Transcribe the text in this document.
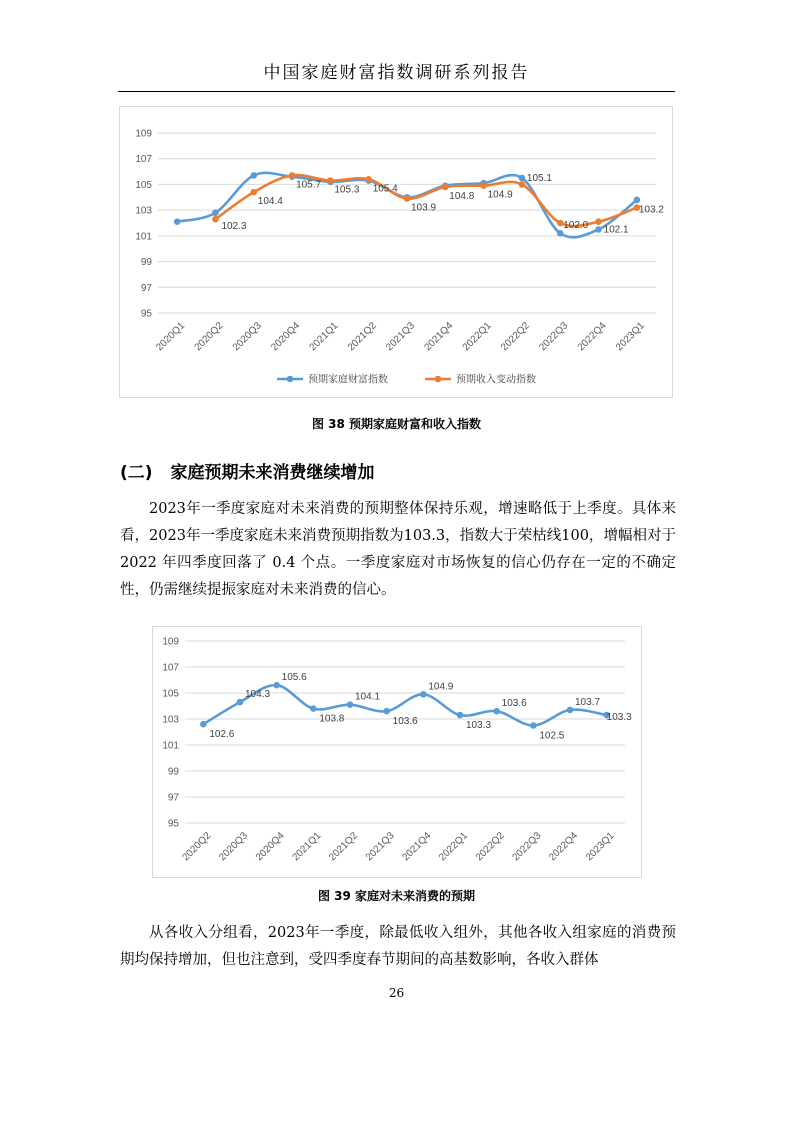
中国家庭财富指数调研系列报告
95
97
99
101
103
105
107
109
2020Q1 2020Q2 2020Q3 2020Q4 2021Q1 2021Q2 2021Q3 2021Q4 2022Q1 2022Q2 2022Q3 2022Q4 2023Q1
105.1
102.1
102.3
104.4
105.7 105.3 105.4
103.9
104.8 104.9
102.0
103.2
预期家庭财富指数	预期收入变动指数
图 38 预期家庭财富和收入指数
(二) 家庭预期未来消费继续增加

2023年一季度家庭对未来消费的预期整体保持乐观，增速略低于上季度。具体来看，2023年一季度家庭未来消费预期指数为103.3，指数大于荣枯线100，增幅相对于 2022 年四季度回落了 0.4 个点。一季度家庭对市场恢复的信心仍存在一定的不确定性，仍需继续提振家庭对未来消费的信心。

95
97
99
101
103
105
107
109
2020Q2 2020Q3 2020Q4 2021Q1 2021Q2 2021Q3 2021Q4 2022Q1 2022Q2 2022Q3 2022Q4 2023Q1
102.6
104.3
105.6
103.8
104.1
103.6
104.9
103.3
103.6
102.5
103.7
103.3
图 39 家庭对未来消费的预期

从各收入分组看，2023年一季度，除最低收入组外，其他各收入组家庭的消费预期均保持增加，但也注意到，受四季度春节期间的高基数影响，各收入群体

26
